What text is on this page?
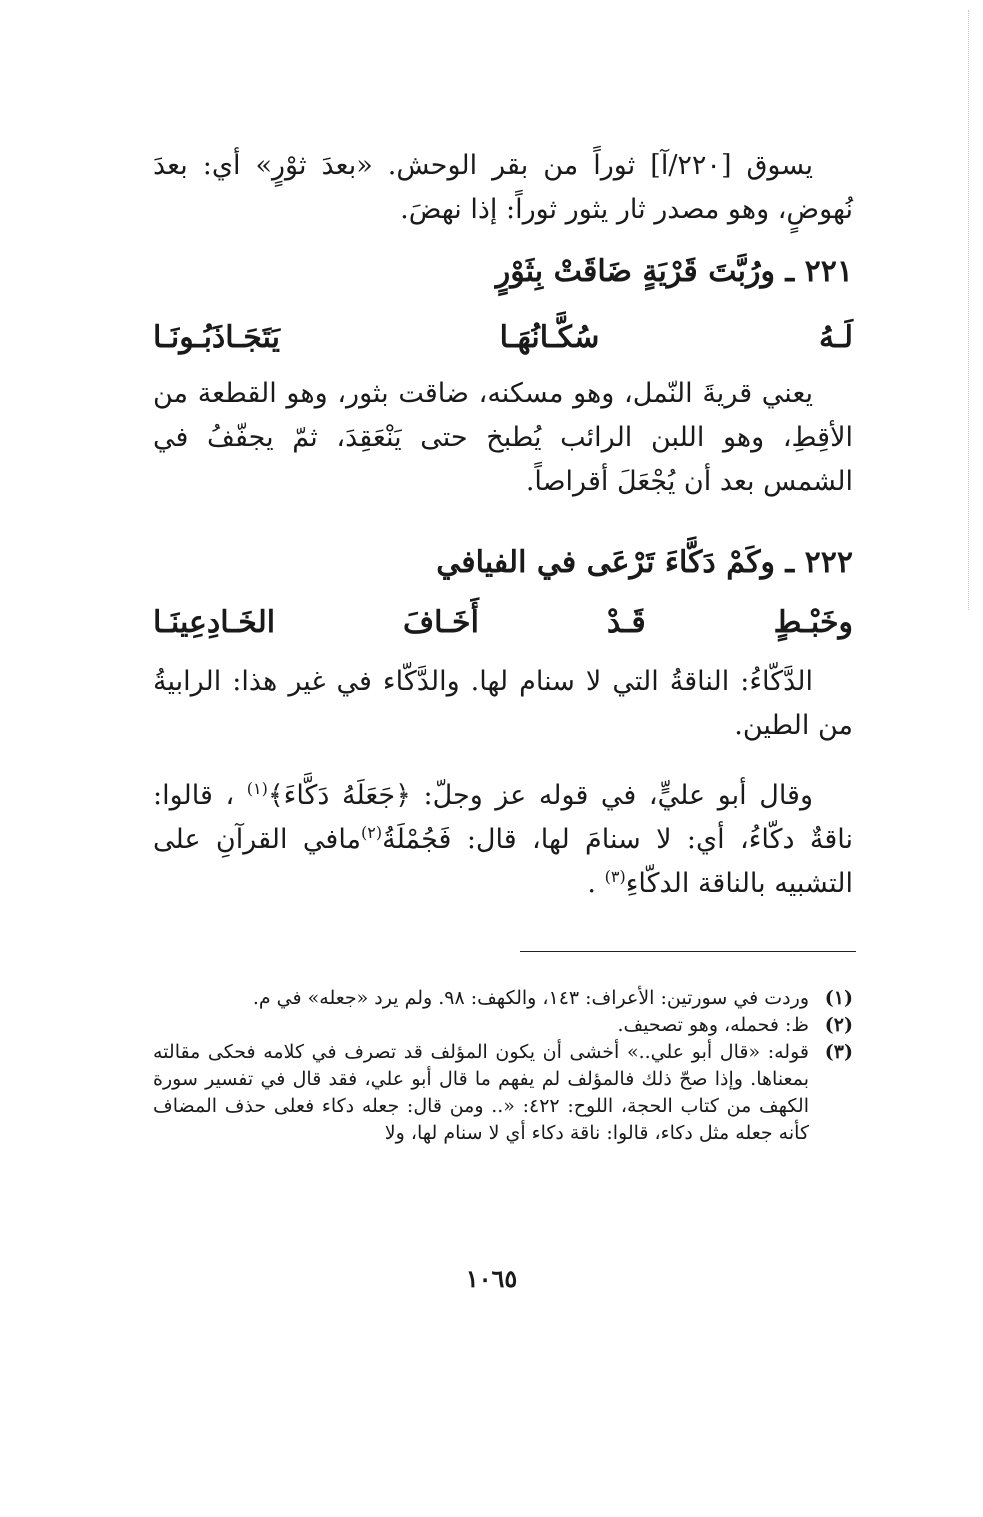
يسوق [٢٢٠/آ] ثوراً من بقر الوحش. «بعدَ ثوْرٍ» أي: بعدَ نُهوضٍ، وهو مصدر ثار يثور ثوراً: إذا نهضَ.

٢٢١ ـ ورُبَّتَ قَرْيَةٍ ضَاقَتْ بِثَوْرٍ
لَـهُ سُكَّـانُهَـا يَتَجَـاذَبُـونَـا

يعني قريةَ النّمل، وهو مسكنه، ضاقت بثور، وهو القطعة من الأقِطِ، وهو اللبن الرائب يُطبخ حتى يَنْعَقِدَ، ثمّ يجفّفُ في الشمس بعد أن يُجْعَلَ أقراصاً.

٢٢٢ ـ وكَمْ دَكَّاءَ تَرْعَى في الفيافي
وخَبْـطٍ قَـدْ أَخَـافَ الخَـادِعِينَـا

الدَّكّاءُ: الناقةُ التي لا سنام لها. والدَّكّاء في غير هذا: الرابيةُ من الطين.

وقال أبو عليٍّ، في قوله عز وجلّ: ﴿جَعَلَهُ دَكَّاءَ﴾$^{(١)}$ ، قالوا: ناقةٌ دكّاءُ، أي: لا سنامَ لها، قال: فَجُمْلَةُ$^{(٢)}$مافي القرآنِ على التشبيه بالناقة الدكّاءِ$^{(٣)}$ .

(١)
وردت في سورتين: الأعراف: ١٤٣، والكهف: ٩٨. ولم يرد «جعله» في م.
(٢)
ظ: فحمله، وهو تصحيف.
(٣)
قوله: «قال أبو علي..» أخشى أن يكون المؤلف قد تصرف في كلامه فحكى مقالته بمعناها. وإذا صحّ ذلك فالمؤلف لم يفهم ما قال أبو علي، فقد قال في تفسير سورة الكهف من كتاب الحجة، اللوح: ٤٢٢: «.. ومن قال: جعله دكاء فعلى حذف المضاف كأنه جعله مثل دكاء، قالوا: ناقة دكاء أي لا سنام لها، ولا
١٠٦٥
